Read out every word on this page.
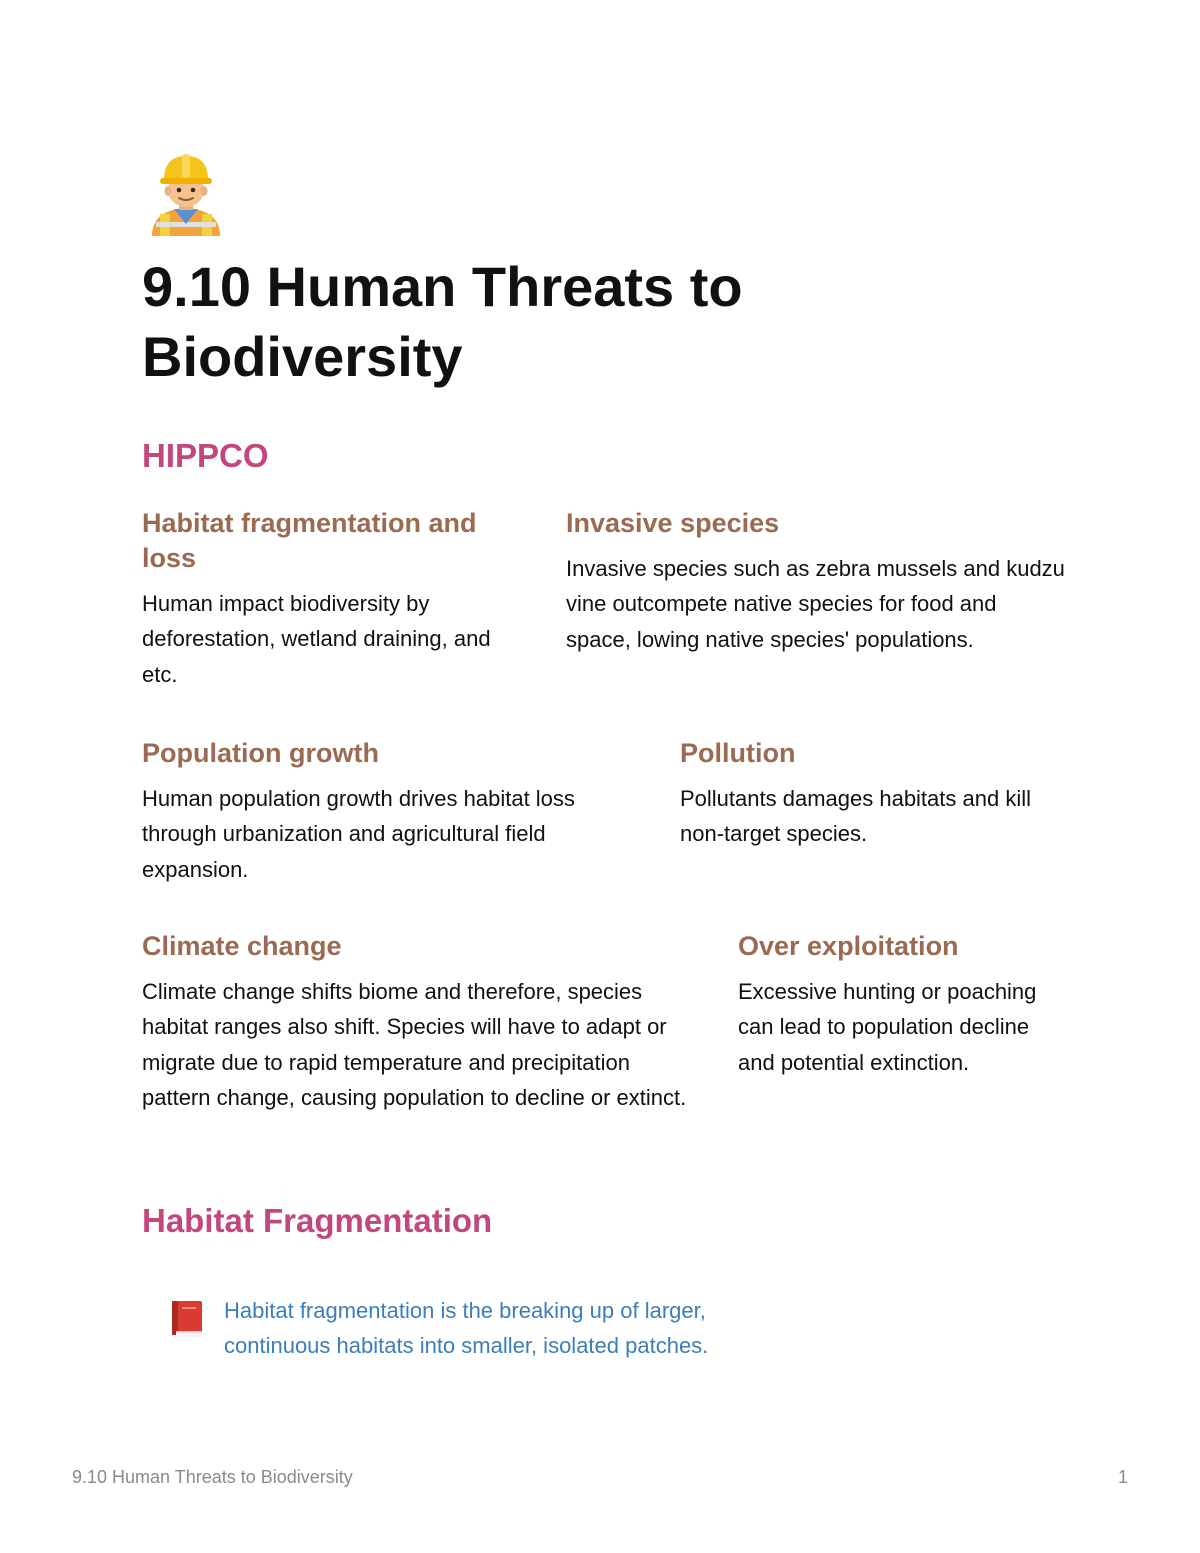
9.10 Human Threats to Biodiversity
HIPPCO
Habitat fragmentation and loss

Human impact biodiversity by deforestation, wetland draining, and etc.

Invasive species

Invasive species such as zebra mussels and kudzu vine outcompete native species for food and space, lowing native species' populations.

Population growth

Human population growth drives habitat loss through urbanization and agricultural field expansion.

Pollution

Pollutants damages habitats and kill non-target species.

Climate change

Climate change shifts biome and therefore, species habitat ranges also shift. Species will have to adapt or migrate due to rapid temperature and precipitation pattern change, causing population to decline or extinct.

Over exploitation

Excessive hunting or poaching can lead to population decline and potential extinction.

Habitat Fragmentation

Habitat fragmentation is the breaking up of larger, continuous habitats into smaller, isolated patches.

9.10 Human Threats to Biodiversity	1
